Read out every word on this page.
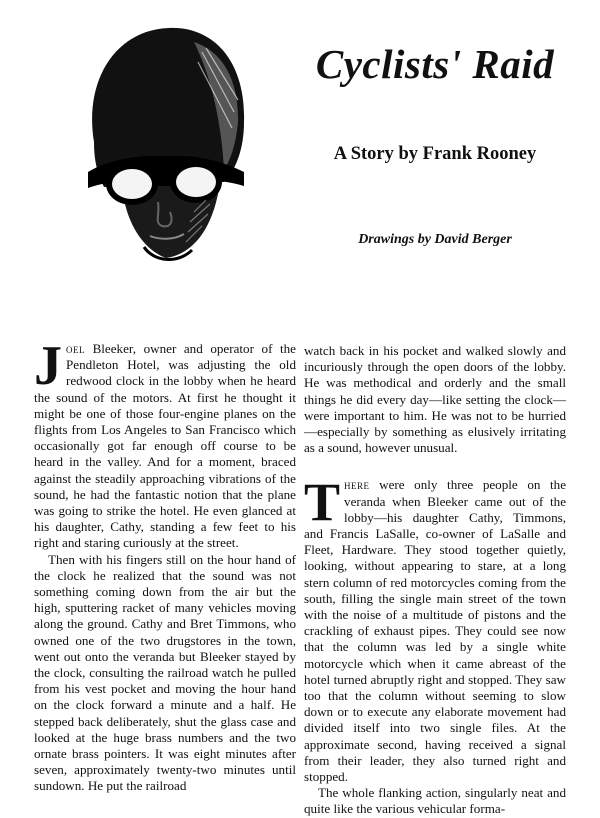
Cyclists' Raid
A Story by Frank Rooney
Drawings by David Berger

Joel Bleeker, owner and operator of the Pendleton Hotel, was adjusting the old redwood clock in the lobby when he heard the sound of the motors. At first he thought it might be one of those four-engine planes on the flights from Los Angeles to San Francisco which occasionally got far enough off course to be heard in the valley. And for a moment, braced against the steadily approaching vibrations of the sound, he had the fantastic notion that the plane was going to strike the hotel. He even glanced at his daughter, Cathy, standing a few feet to his right and staring curiously at the street.

Then with his fingers still on the hour hand of the clock he realized that the sound was not something coming down from the air but the high, sputtering racket of many vehicles moving along the ground. Cathy and Bret Timmons, who owned one of the two drugstores in the town, went out onto the veranda but Bleeker stayed by the clock, consulting the railroad watch he pulled from his vest pocket and moving the hour hand on the clock forward a minute and a half. He stepped back deliberately, shut the glass case and looked at the huge brass numbers and the two ornate brass pointers. It was eight minutes after seven, approximately twenty-two minutes until sundown. He put the railroad

watch back in his pocket and walked slowly and incuriously through the open doors of the lobby. He was methodical and orderly and the small things he did every day—like setting the clock—were important to him. He was not to be hurried—especially by something as elusively irritating as a sound, however unusual.

There were only three people on the veranda when Bleeker came out of the lobby—his daughter Cathy, Timmons, and Francis LaSalle, co-owner of LaSalle and Fleet, Hardware. They stood together quietly, looking, without appearing to stare, at a long stern column of red motorcycles coming from the south, filling the single main street of the town with the noise of a multitude of pistons and the crackling of exhaust pipes. They could see now that the column was led by a single white motorcycle which when it came abreast of the hotel turned abruptly right and stopped. They saw too that the column without seeming to slow down or to execute any elaborate movement had divided itself into two single files. At the approximate second, having received a signal from their leader, they also turned right and stopped.

The whole flanking action, singularly neat and quite like the various vehicular forma-
